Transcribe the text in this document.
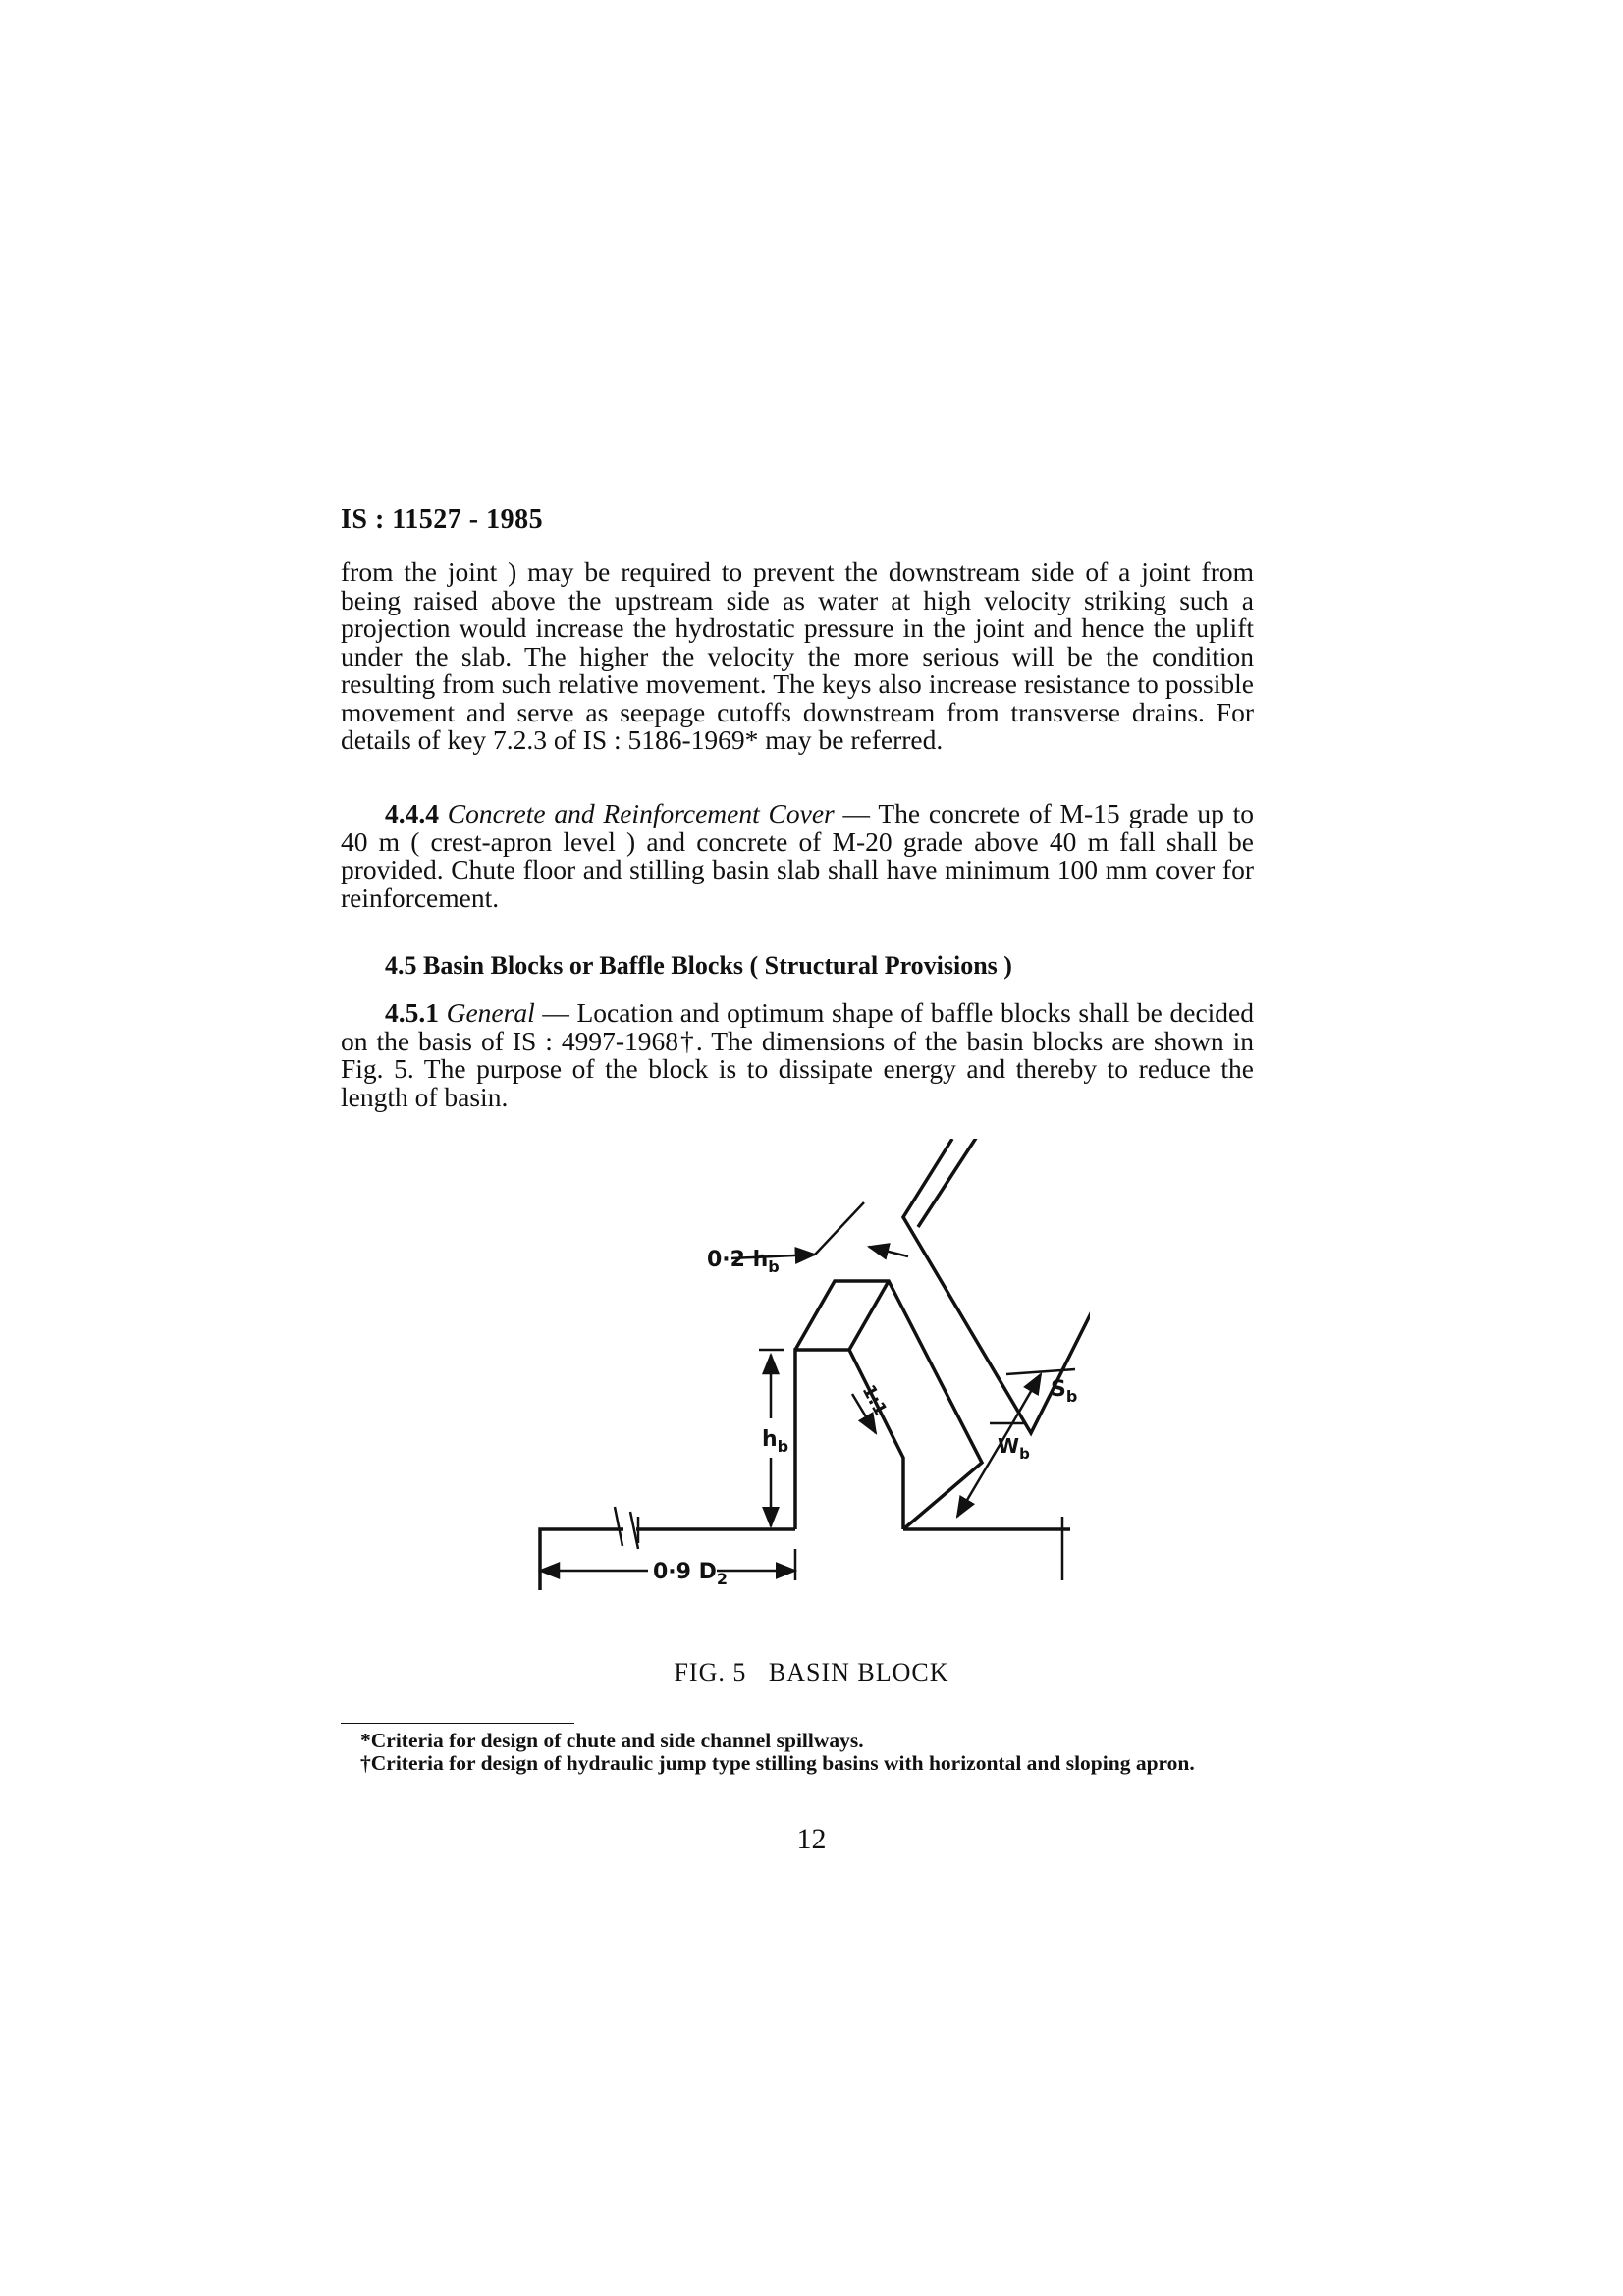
IS : 11527 - 1985

from the joint ) may be required to prevent the downstream side of a joint from being raised above the upstream side as water at high velocity striking such a projection would increase the hydrostatic pressure in the joint and hence the uplift under the slab. The higher the velocity the more serious will be the condition resulting from such relative movement. The keys also increase resistance to possible movement and serve as seepage cutoffs downstream from transverse drains. For details of key 7.2.3 of IS : 5186-1969* may be referred.

4.4.4 Concrete and Reinforcement Cover — The concrete of M-15 grade up to 40 m ( crest-apron level ) and concrete of M-20 grade above 40 m fall shall be provided. Chute floor and stilling basin slab shall have minimum 100 mm cover for reinforcement.

4.5 Basin Blocks or Baffle Blocks ( Structural Provisions )

4.5.1 General — Location and optimum shape of baffle blocks shall be decided on the basis of IS : 4997-1968†. The dimensions of the basin blocks are shown in Fig. 5. The purpose of the block is to dissipate energy and thereby to reduce the length of basin.

0·2 $h_b$
$h_b$
1:1	$S_b$
$W_b$
0·9 $D_2$
FIG. 5 BASIN BLOCK

*Criteria for design of chute and side channel spillways.

†Criteria for design of hydraulic jump type stilling basins with horizontal and sloping apron.

12
